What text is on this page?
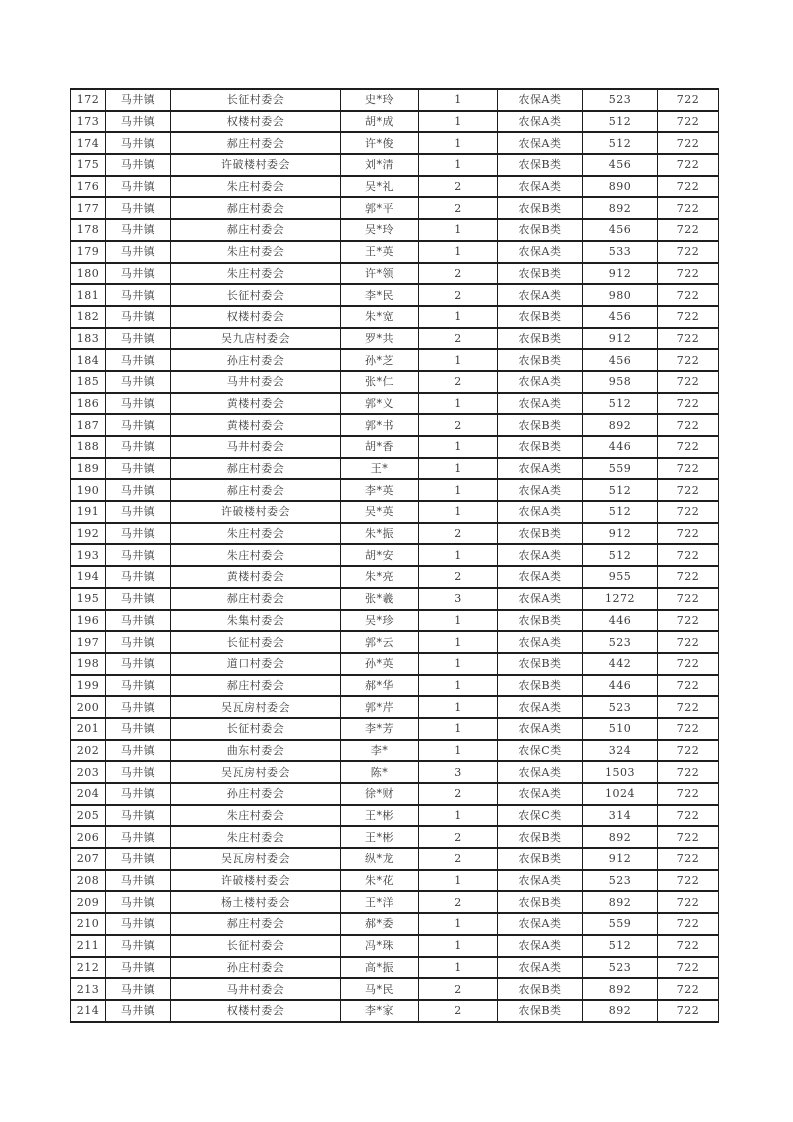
172	马井镇	长征村委会	史*玲	1	农保A类	523	722
173	马井镇	权楼村委会	胡*成	1	农保A类	512	722
174	马井镇	郝庄村委会	许*俊	1	农保A类	512	722
175	马井镇	许破楼村委会	刘*清	1	农保B类	456	722
176	马井镇	朱庄村委会	吴*礼	2	农保A类	890	722
177	马井镇	郝庄村委会	郭*平	2	农保B类	892	722
178	马井镇	郝庄村委会	吴*玲	1	农保B类	456	722
179	马井镇	朱庄村委会	王*英	1	农保A类	533	722
180	马井镇	朱庄村委会	许*领	2	农保B类	912	722
181	马井镇	长征村委会	李*民	2	农保A类	980	722
182	马井镇	权楼村委会	朱*宽	1	农保B类	456	722
183	马井镇	吴九店村委会	罗*共	2	农保B类	912	722
184	马井镇	孙庄村委会	孙*芝	1	农保B类	456	722
185	马井镇	马井村委会	张*仁	2	农保A类	958	722
186	马井镇	黄楼村委会	郭*义	1	农保A类	512	722
187	马井镇	黄楼村委会	郭*书	2	农保B类	892	722
188	马井镇	马井村委会	胡*香	1	农保B类	446	722
189	马井镇	郝庄村委会	王*	1	农保A类	559	722
190	马井镇	郝庄村委会	李*英	1	农保A类	512	722
191	马井镇	许破楼村委会	吴*英	1	农保A类	512	722
192	马井镇	朱庄村委会	朱*振	2	农保B类	912	722
193	马井镇	朱庄村委会	胡*安	1	农保A类	512	722
194	马井镇	黄楼村委会	朱*亮	2	农保A类	955	722
195	马井镇	郝庄村委会	张*羲	3	农保A类	1272	722
196	马井镇	朱集村委会	吴*珍	1	农保B类	446	722
197	马井镇	长征村委会	郭*云	1	农保A类	523	722
198	马井镇	道口村委会	孙*英	1	农保B类	442	722
199	马井镇	郝庄村委会	郝*华	1	农保B类	446	722
200	马井镇	吴瓦房村委会	郭*芹	1	农保A类	523	722
201	马井镇	长征村委会	李*芳	1	农保A类	510	722
202	马井镇	曲东村委会	李*	1	农保C类	324	722
203	马井镇	吴瓦房村委会	陈*	3	农保A类	1503	722
204	马井镇	孙庄村委会	徐*财	2	农保A类	1024	722
205	马井镇	朱庄村委会	王*彬	1	农保C类	314	722
206	马井镇	朱庄村委会	王*彬	2	农保B类	892	722
207	马井镇	吴瓦房村委会	纵*龙	2	农保B类	912	722
208	马井镇	许破楼村委会	朱*花	1	农保A类	523	722
209	马井镇	杨土楼村委会	王*洋	2	农保B类	892	722
210	马井镇	郝庄村委会	郝*委	1	农保A类	559	722
211	马井镇	长征村委会	冯*珠	1	农保A类	512	722
212	马井镇	孙庄村委会	高*振	1	农保A类	523	722
213	马井镇	马井村委会	马*民	2	农保B类	892	722
214	马井镇	权楼村委会	李*家	2	农保B类	892	722
